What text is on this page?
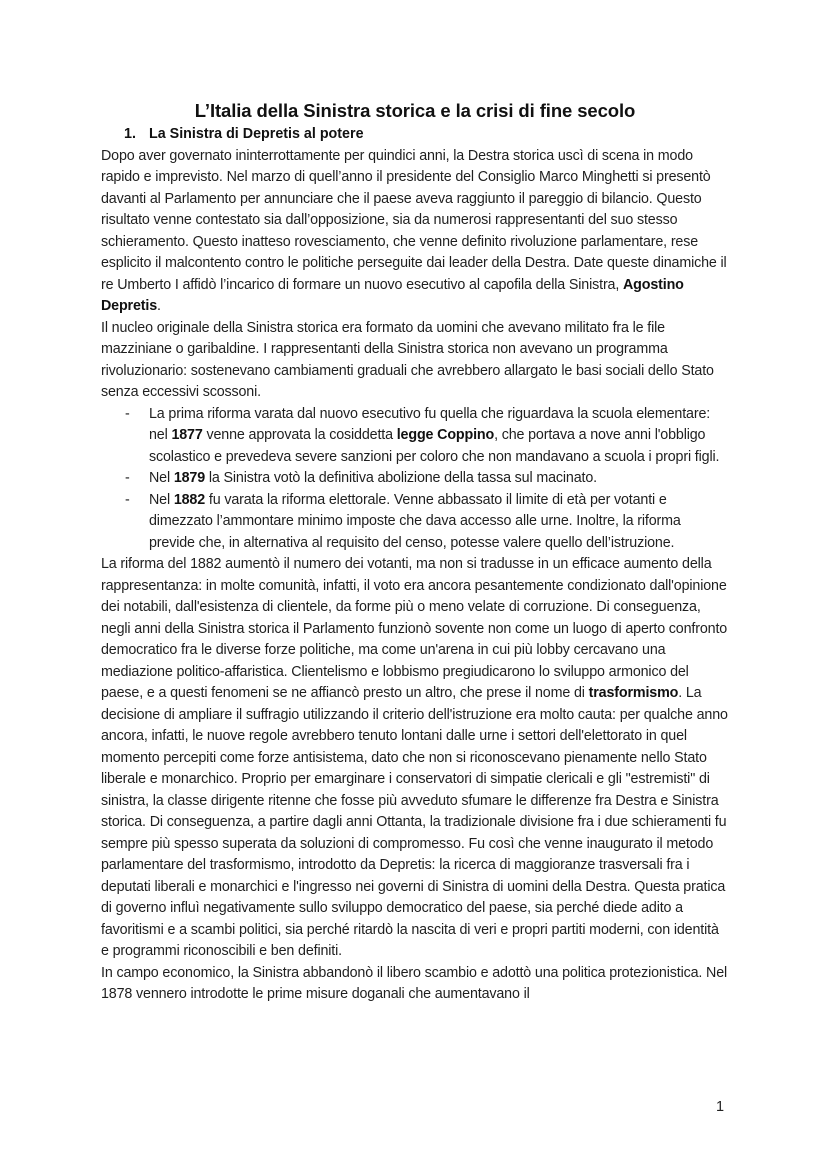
L’Italia della Sinistra storica e la crisi di fine secolo
1. La Sinistra di Depretis al potere

Dopo aver governato ininterrottamente per quindici anni, la Destra storica uscì di scena in modo rapido e imprevisto. Nel marzo di quell’anno il presidente del Consiglio Marco Minghetti si presentò davanti al Parlamento per annunciare che il paese aveva raggiunto il pareggio di bilancio. Questo risultato venne contestato sia dall’opposizione, sia da numerosi rappresentanti del suo stesso schieramento. Questo inatteso rovesciamento, che venne definito rivoluzione parlamentare, rese esplicito il malcontento contro le politiche perseguite dai leader della Destra. Date queste dinamiche il re Umberto I affidò l’incarico di formare un nuovo esecutivo al capofila della Sinistra, Agostino Depretis.

Il nucleo originale della Sinistra storica era formato da uomini che avevano militato fra le file mazziniane o garibaldine. I rappresentanti della Sinistra storica non avevano un programma rivoluzionario: sostenevano cambiamenti graduali che avrebbero allargato le basi sociali dello Stato senza eccessivi scossoni.

-	La prima riforma varata dal nuovo esecutivo fu quella che riguardava la scuola elementare: nel 1877 venne approvata la cosiddetta legge Coppino, che portava a nove anni l'obbligo scolastico e prevedeva severe sanzioni per coloro che non mandavano a scuola i propri figli.
-	Nel 1879 la Sinistra votò la definitiva abolizione della tassa sul macinato.
-	Nel 1882 fu varata la riforma elettorale. Venne abbassato il limite di età per votanti e dimezzato l’ammontare minimo imposte che dava accesso alle urne. Inoltre, la riforma previde che, in alternativa al requisito del censo, potesse valere quello dell’istruzione.

La riforma del 1882 aumentò il numero dei votanti, ma non si tradusse in un efficace aumento della rappresentanza: in molte comunità, infatti, il voto era ancora pesantemente condizionato dall'opinione dei notabili, dall'esistenza di clientele, da forme più o meno velate di corruzione. Di conseguenza, negli anni della Sinistra storica il Parlamento funzionò sovente non come un luogo di aperto confronto democratico fra le diverse forze politiche, ma come un'arena in cui più lobby cercavano una mediazione politico-affaristica. Clientelismo e lobbismo pregiudicarono lo sviluppo armonico del paese, e a questi fenomeni se ne affiancò presto un altro, che prese il nome di trasformismo. La decisione di ampliare il suffragio utilizzando il criterio dell'istruzione era molto cauta: per qualche anno ancora, infatti, le nuove regole avrebbero tenuto lontani dalle urne i settori dell'elettorato in quel momento percepiti come forze antisistema, dato che non si riconoscevano pienamente nello Stato liberale e monarchico. Proprio per emarginare i conservatori di simpatie clericali e gli "estremisti" di sinistra, la classe dirigente ritenne che fosse più avveduto sfumare le differenze fra Destra e Sinistra storica. Di conseguenza, a partire dagli anni Ottanta, la tradizionale divisione fra i due schieramenti fu sempre più spesso superata da soluzioni di compromesso. Fu così che venne inaugurato il metodo parlamentare del trasformismo, introdotto da Depretis: la ricerca di maggioranze trasversali fra i deputati liberali e monarchici e l'ingresso nei governi di Sinistra di uomini della Destra. Questa pratica di governo influì negativamente sullo sviluppo democratico del paese, sia perché diede adito a favoritismi e a scambi politici, sia perché ritardò la nascita di veri e propri partiti moderni, con identità e programmi riconoscibili e ben definiti.

In campo economico, la Sinistra abbandonò il libero scambio e adottò una politica protezionistica. Nel 1878 vennero introdotte le prime misure doganali che aumentavano il

1
